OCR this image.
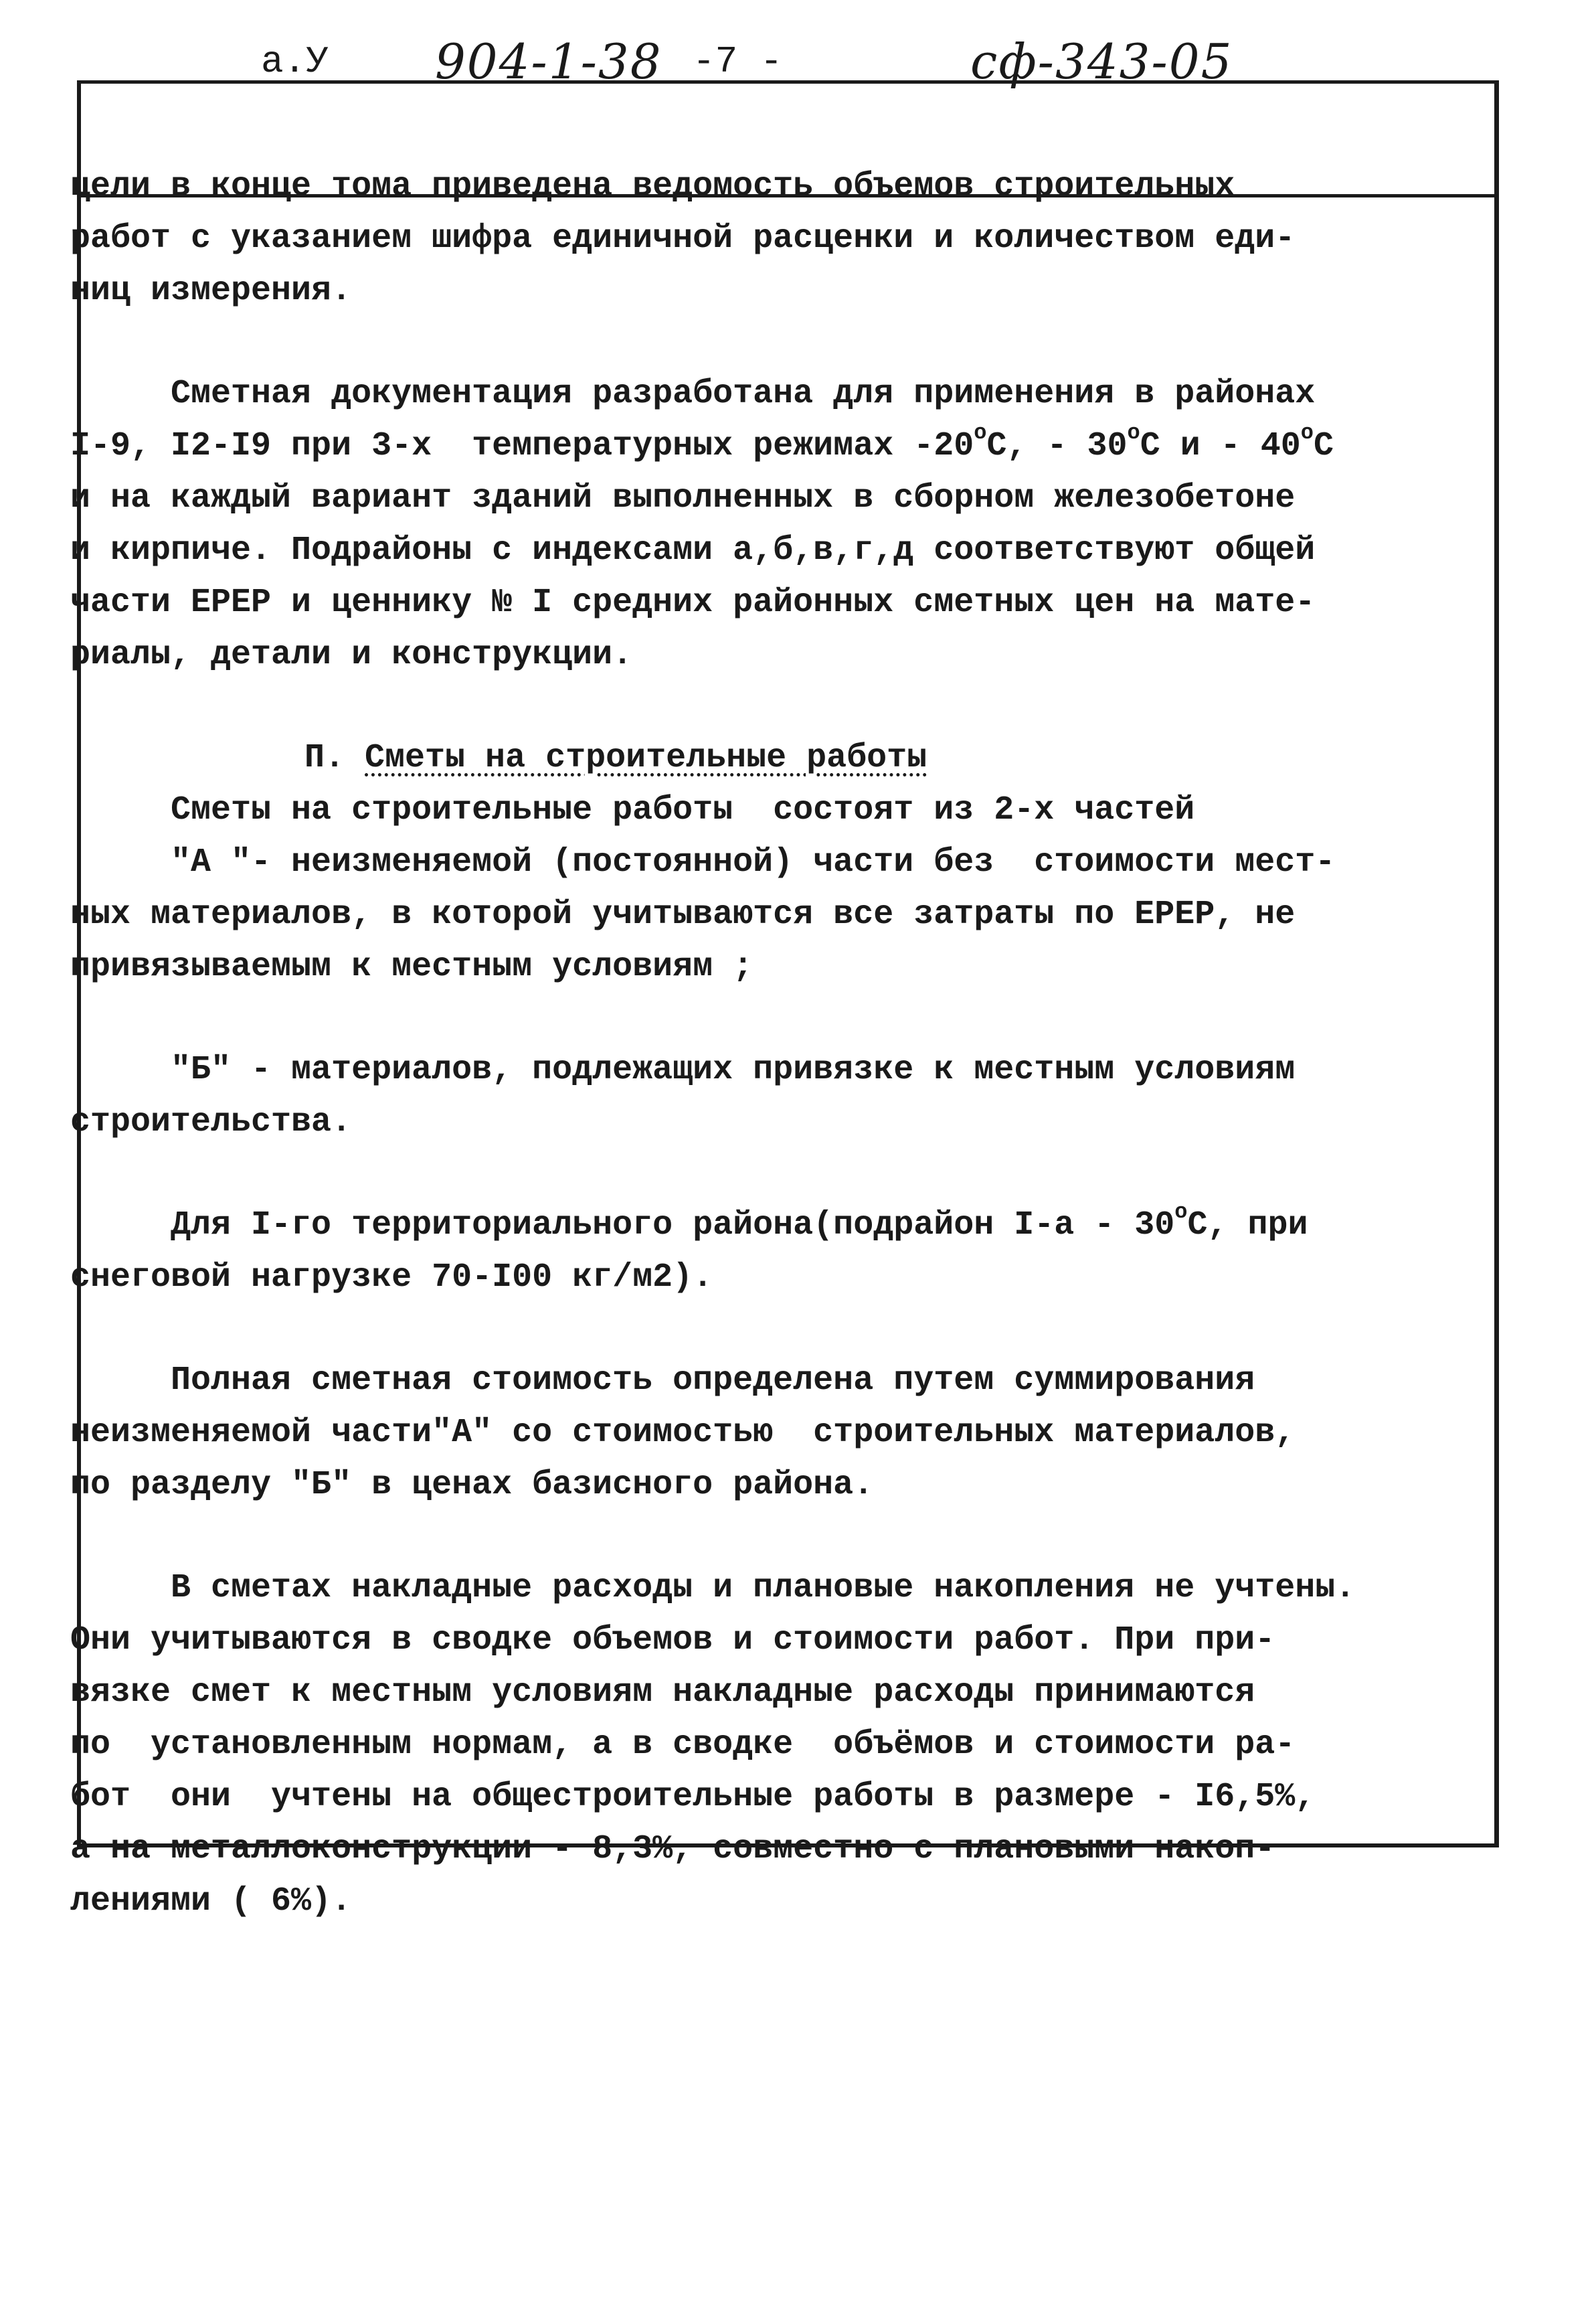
а.У 904-1-38 -7 -	сф-343-05

цели в конце тома приведена ведомость объемов строительных

работ с указанием шифра единичной расценки и количеством еди-

ниц измерения.

Сметная документация разработана для применения в районах

I-9, I2-I9 при 3-х  температурных режимах $-20^оС$, - $30^оС$ и - $40^оС$

и на каждый вариант зданий выполненных в сборном железобетоне

и кирпиче. Подрайоны с индексами а,б,в,г,д соответствуют общей

части ЕРЕР и ценнику № I средних районных сметных цен на мате-

риалы, детали и конструкции.

П. Сметы на строительные работы

Сметы на строительные работы  состоят из 2-х частей

"А "- неизменяемой (постоянной) части без  стоимости мест-

ных материалов, в которой учитываются все затраты по ЕРЕР, не

привязываемым к местным условиям ;

"Б" - материалов, подлежащих привязке к местным условиям

строительства.

Для I-го территориального района(подрайон $I-а - 30^оС$, при

снеговой нагрузке 70-I00 кг/м2).

Полная сметная стоимость определена путем суммирования

неизменяемой части"А" со стоимостью  строительных материалов,

по разделу "Б" в ценах базисного района.

В сметах накладные расходы и плановые накопления не учтены.

Они учитываются в сводке объемов и стоимости работ. При при-

вязке смет к местным условиям накладные расходы принимаются

по  установленным нормам, а в сводке  объёмов и стоимости ра-

бот  они  учтены на общестроительные работы в размере - I6,5%,

а на металлоконструкции - 8,3%, совместно с плановыми накоп-

лениями ( 6%).
